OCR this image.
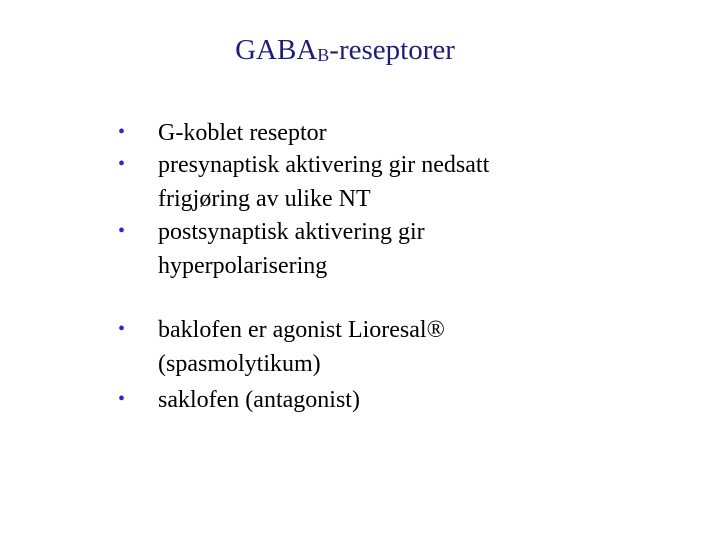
$GABA_B$-reseptorer
• G-koblet reseptor
• presynaptisk aktivering gir nedsatt
frigjøring av ulike NT
• postsynaptisk aktivering gir
hyperpolarisering
• baklofen er agonist Lioresal®
(spasmolytikum)
• saklofen (antagonist)
